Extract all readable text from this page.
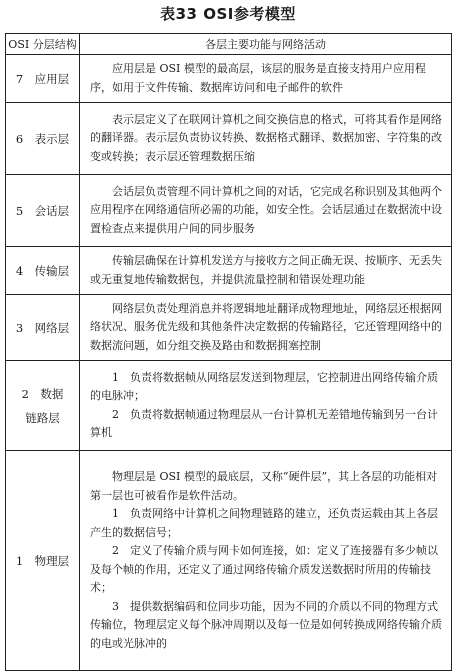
表33 OSI参考模型
OSI 分层结构	各层主要功能与网络活动
7　应用层	应用层是 OSI 模型的最高层，该层的服务是直接支持用户应用程序，如用于文件传输、数据库访问和电子邮件的软件

6　表示层	表示层定义了在联网计算机之间交换信息的格式，可将其看作是网络的翻译器。表示层负责协议转换、数据格式翻译、数据加密、字符集的改变或转换；表示层还管理数据压缩

5　会话层	会话层负责管理不同计算机之间的对话，它完成名称识别及其他两个应用程序在网络通信所必需的功能，如安全性。会话层通过在数据流中设置检查点来提供用户间的同步服务

4　传输层	传输层确保在计算机发送方与接收方之间正确无误、按顺序、无丢失或无重复地传输数据包，并提供流量控制和错误处理功能

3　网络层	网络层负责处理消息并将逻辑地址翻译成物理地址，网络层还根据网络状况、服务优先级和其他条件决定数据的传输路径，它还管理网络中的数据流问题，如分组交换及路由和数据拥塞控制

2　数据
链路层	1　负责将数据帧从网络层发送到物理层，它控制进出网络传输介质的电脉冲；
2　负责将数据帧通过物理层从一台计算机无差错地传输到另一台计算机

1　物理层	物理层是 OSI 模型的最底层，又称“硬件层”，其上各层的功能相对第一层也可被看作是软件活动。
1　负责网络中计算机之间物理链路的建立，还负责运载由其上各层产生的数据信号；
2　定义了传输介质与网卡如何连接，如：定义了连接器有多少帧以及每个帧的作用，还定义了通过网络传输介质发送数据时所用的传输技术；
3　提供数据编码和位同步功能，因为不同的介质以不同的物理方式传输位，物理层定义每个脉冲周期以及每一位是如何转换成网络传输介质的电或光脉冲的
